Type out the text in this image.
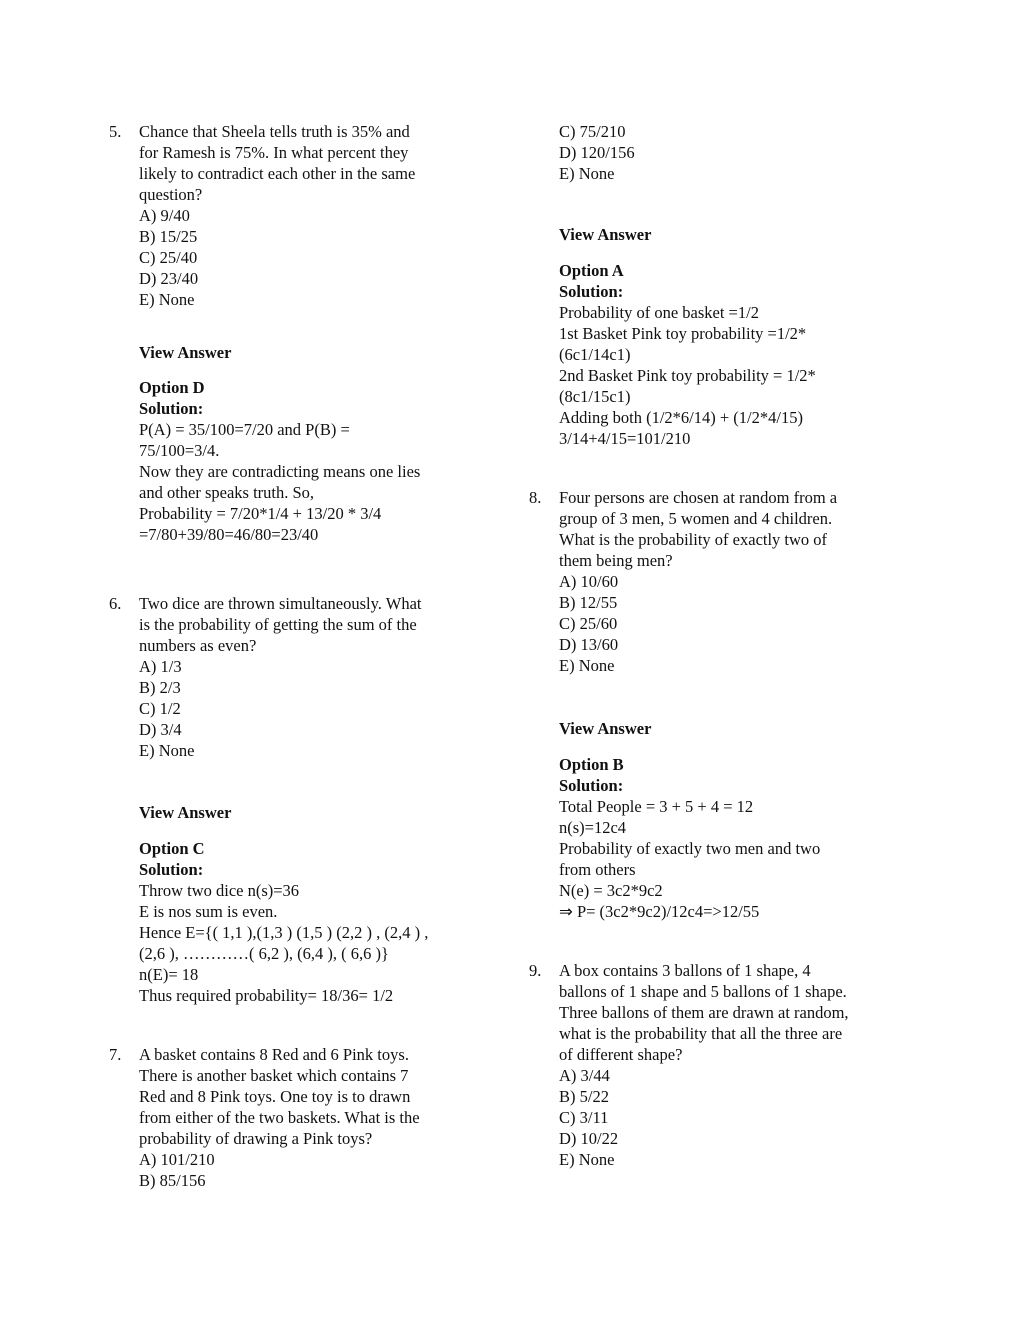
5. Chance that Sheela tells truth is 35% and
for Ramesh is 75%. In what percent they
likely to contradict each other in the same
question?
A) 9/40
B) 15/25
C) 25/40
D) 23/40
E) None
View Answer
Option D
Solution:
P(A) = 35/100=7/20 and P(B) =
75/100=3/4.
Now they are contradicting means one lies
and other speaks truth. So,
Probability = 7/20*1/4 + 13/20 * 3/4
=7/80+39/80=46/80=23/40
6. Two dice are thrown simultaneously. What
is the probability of getting the sum of the
numbers as even?
A) 1/3
B) 2/3
C) 1/2
D) 3/4
E) None
View Answer
Option C
Solution:
Throw two dice n(s)=36
E is nos sum is even.
Hence E={( 1,1 ),(1,3 ) (1,5 ) (2,2 ) , (2,4 ) ,
(2,6 ), …………( 6,2 ), (6,4 ), ( 6,6 )}
n(E)= 18
Thus required probability= 18/36= 1/2
7. A basket contains 8 Red and 6 Pink toys.
There is another basket which contains 7
Red and 8 Pink toys. One toy is to drawn
from either of the two baskets. What is the
probability of drawing a Pink toys?
A) 101/210
B) 85/156
C) 75/210
D) 120/156
E) None
View Answer
Option A
Solution:
Probability of one basket =1/2
1st Basket Pink toy probability =1/2*
(6c1/14c1)
2nd Basket Pink toy probability = 1/2*
(8c1/15c1)
Adding both (1/2*6/14) + (1/2*4/15)
3/14+4/15=101/210
8. Four persons are chosen at random from a
group of 3 men, 5 women and 4 children.
What is the probability of exactly two of
them being men?
A) 10/60
B) 12/55
C) 25/60
D) 13/60
E) None
View Answer
Option B
Solution:
Total People = 3 + 5 + 4 = 12
n(s)=12c4
Probability of exactly two men and two
from others
N(e) = 3c2*9c2
⇒ P= (3c2*9c2)/12c4=>12/55
9. A box contains 3 ballons of 1 shape, 4
ballons of 1 shape and 5 ballons of 1 shape.
Three ballons of them are drawn at random,
what is the probability that all the three are
of different shape?
A) 3/44
B) 5/22
C) 3/11
D) 10/22
E) None
